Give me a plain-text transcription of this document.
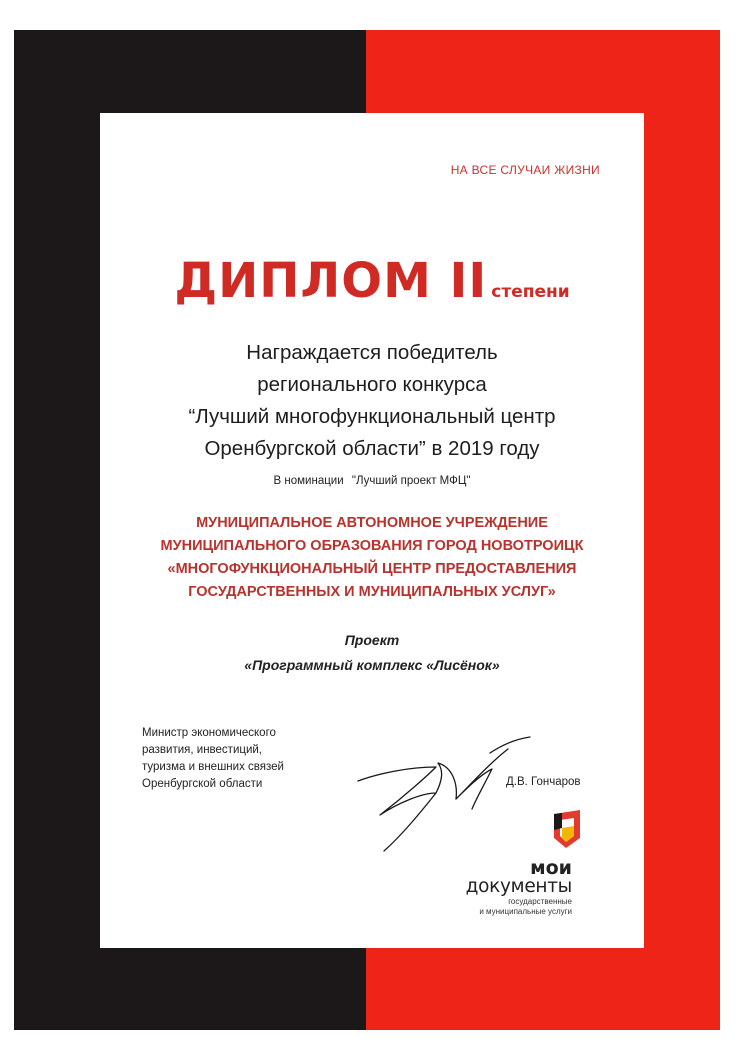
НА ВСЕ СЛУЧАИ ЖИЗНИ
ДИПЛОМ II степени
Награждается победитель
регионального конкурса
“Лучший многофункциональный центр
Оренбургской области” в 2019 году
В номинации "Лучший проект МФЦ"
МУНИЦИПАЛЬНОЕ АВТОНОМНОЕ УЧРЕЖДЕНИЕ
МУНИЦИПАЛЬНОГО ОБРАЗОВАНИЯ ГОРОД НОВОТРОИЦК
«МНОГОФУНКЦИОНАЛЬНЫЙ ЦЕНТР ПРЕДОСТАВЛЕНИЯ
ГОСУДАРСТВЕННЫХ И МУНИЦИПАЛЬНЫХ УСЛУГ»
Проект
«Программный комплекс «Лисёнок»
Министр экономического
развития, инвестиций,
туризма и внешних связей
Оренбургской области	Д.В. Гончаров
мои
документы
государственные
и муниципальные услуги
